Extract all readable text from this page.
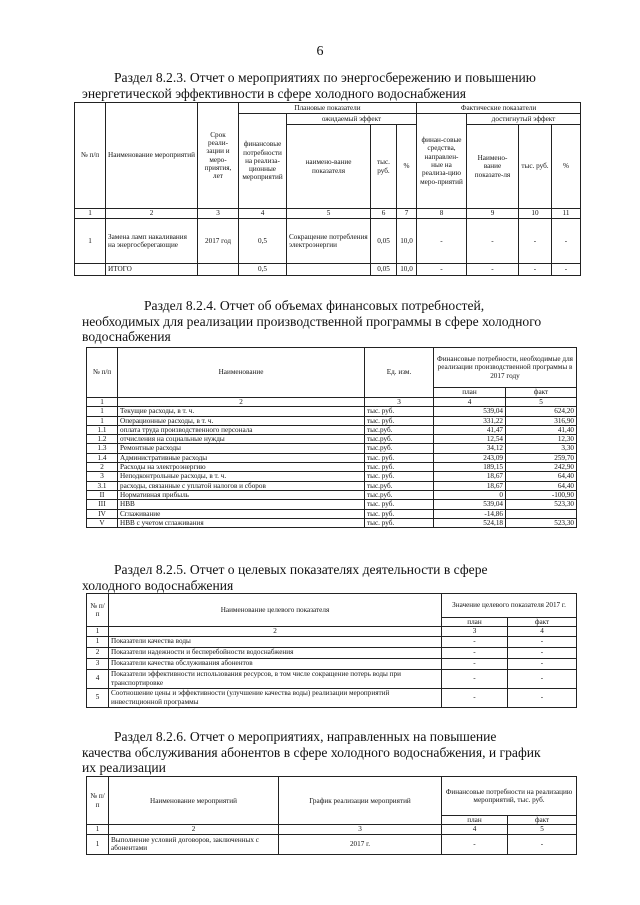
6
Раздел 8.2.3. Отчет о мероприятиях по энергосбережению и повышению
энергетической эффективности в сфере холодного водоснабжения
№ п/п	Наименование мероприятий	Срок реали-зации и меро-приятия, лет	Плановые показатели				Фактические показатели			
			финансовые потребности на реализа-ционные мероприятий	ожидаемый эффект			финан-совые средства, направлен-ные на реализа-цию меро-приятий	достигнутый эффект		
				наимено-вание показателя	тыс. руб.	%		Наимено-вание показате-ля	тыс. руб.	%
1	2	3	4	5	6	7	8	9	10	11
1	Замена ламп накаливания на энергосберегающие	2017 год	0,5	Сокращение потребления электроэнергии	0,05	10,0	-	-	-	-
	ИТОГО		0,5		0,05	10,0	-	-	-	-
Раздел 8.2.4. Отчет об объемах финансовых потребностей,
необходимых для реализации производственной программы в сфере холодного
водоснабжения
№ п/п	Наименование	Ед. изм.	Финансовые потребности, необходимые для реализации производственной программы в 2017 году	
			план	факт
1	2	3	4	5
1	Текущие расходы, в т. ч.	тыс. руб.	539,04	624,20
1	Операционные расходы, в т. ч.	тыс. руб.	331,22	316,90
1.1	оплата труда производственного персонала	тыс.руб.	41,47	41,40
1.2	отчисления на социальные нужды	тыс.руб.	12,54	12,30
1.3	Ремонтные расходы	тыс.руб.	34,12	3,30
1.4	Административные расходы	тыс. руб.	243,09	259,70
2	Расходы на электроэнергию	тыс. руб.	189,15	242,90
3	Неподконтрольные расходы, в т. ч.	тыс. руб.	18,67	64,40
3.1	расходы, связанные с уплатой налогов и сборов	тыс.руб.	18,67	64,40
II	Нормативная прибыль	тыс.руб.	0	-100,90
III	НВВ	тыс. руб.	539,04	523,30
IV	Сглаживание	тыс. руб.	-14,86	
V	НВВ с учетом сглаживания	тыс. руб.	524,18	523,30
Раздел 8.2.5. Отчет о целевых показателях деятельности в сфере
холодного водоснабжения
№ п/п	Наименование целевого показателя	Значение целевого показателя 2017 г.	
		план	факт
1	2	3	4
1	Показатели качества воды	-	-
2	Показатели надежности и бесперебойности водоснабжения	-	-
3	Показатели качества обслуживания абонентов	-	-
4	Показатели эффективности использования ресурсов, в том числе сокращение потерь воды при транспортировке	-	-
5	Соотношение цены и эффективности (улучшение качества воды) реализации мероприятий инвестиционной программы	-	-
Раздел 8.2.6. Отчет о мероприятиях, направленных на повышение
качества обслуживания абонентов в сфере холодного водоснабжения, и график
их реализации
№ п/п	Наименование мероприятий	График реализации мероприятий	Финансовые потребности на реализацию мероприятий, тыс. руб.	
			план	факт
1	2	3	4	5
1	Выполнение условий договоров, заключенных с абонентами	2017 г.	-	-
